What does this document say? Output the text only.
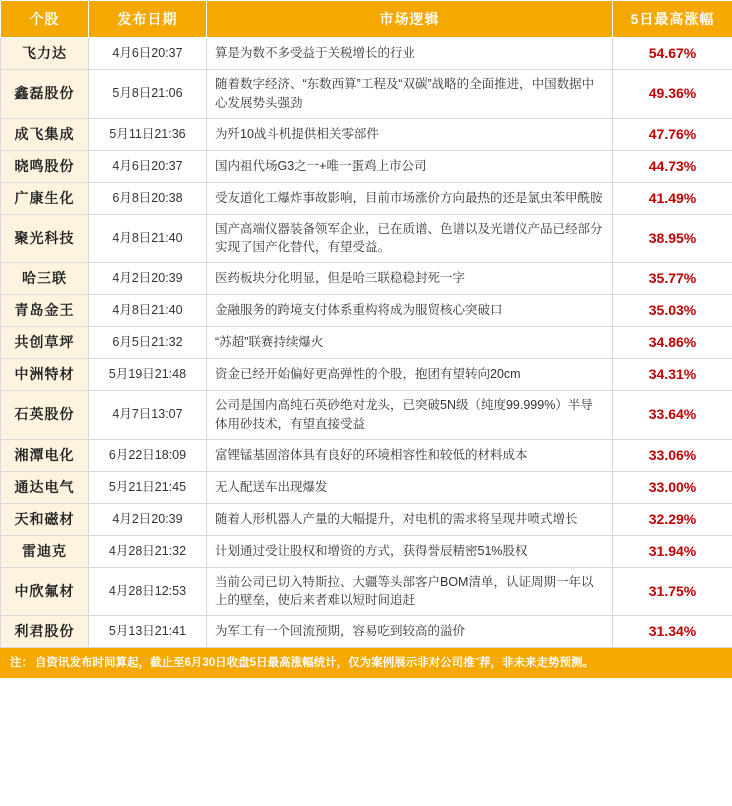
个股	发布日期	市场逻辑	5日最高涨幅
飞力达	4月6日20:37	算是为数不多受益于关税增长的行业	54.67%
鑫磊股份	5月8日21:06	随着数字经济、“东数西算”工程及“双碳”战略的全面推进，中国数据中心发展势头强劲	49.36%
成飞集成	5月11日21:36	为歼10战斗机提供相关零部件	47.76%
晓鸣股份	4月6日20:37	国内祖代场G3之一+唯一蛋鸡上市公司	44.73%
广康生化	6月8日20:38	受友道化工爆炸事故影响，目前市场涨价方向最热的还是氯虫苯甲酰胺	41.49%
聚光科技	4月8日21:40	国产高端仪器装备领军企业，已在质谱、色谱以及光谱仪产品已经部分实现了国产化替代，有望受益。	38.95%
哈三联	4月2日20:39	医药板块分化明显，但是哈三联稳稳封死一字	35.77%
青岛金王	4月8日21:40	金融服务的跨境支付体系重构将成为服贸核心突破口	35.03%
共创草坪	6月5日21:32	“苏超”联赛持续爆火	34.86%
中洲特材	5月19日21:48	资金已经开始偏好更高弹性的个股，抱团有望转向20cm	34.31%
石英股份	4月7日13:07	公司是国内高纯石英砂绝对龙头，已突破5N级（纯度99.999%）半导体用砂技术，有望直接受益	33.64%
湘潭电化	6月22日18:09	富锂锰基固溶体具有良好的环境相容性和较低的材料成本	33.06%
通达电气	5月21日21:45	无人配送车出现爆发	33.00%
天和磁材	4月2日20:39	随着人形机器人产量的大幅提升，对电机的需求将呈现井喷式增长	32.29%
雷迪克	4月28日21:32	计划通过受让股权和增资的方式，获得誉辰精密51%股权	31.94%
中欣氟材	4月28日12:53	当前公司已切入特斯拉、大疆等头部客户BOM清单，认证周期一年以上的壁垒，使后来者难以短时间追赶	31.75%
利君股份	5月13日21:41	为军工有一个回流预期，容易吃到较高的溢价	31.34%
注： 自资讯发布时间算起，截止至6月30日收盘5日最高涨幅统计，仅为案例展示非对公司推־荐，非未来走势预测。
